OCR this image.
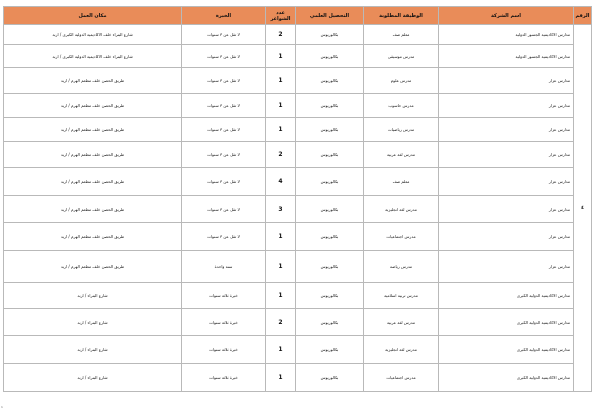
الرقم	اسم الشركة	الوظيفة المطلوبة	التحصيل العلمي	عدد الشواغر	الخبرة	مكان العمل
٤	مدارس الاكاديمية الجسور الدولية	معلم صف	بكالوريوس	2	لا تقل عن ٣ سنوات	شارع البتراء خلف الاكاديمية الدولية الكبرى / اربد
	مدارس الاكاديمية الجسور الدولية	مدرس موسيقى	بكالوريوس	1	لا تقل عن ٣ سنوات	شارع البتراء خلف الاكاديمية الدولية الكبرى / اربد
	مدارس عزار	مدرس علوم	بكالوريوس	1	لا تقل عن ٣ سنوات	طريق الحصن خلف مطعم الهرم / اربد
	مدارس عزار	مدرس حاسوب	بكالوريوس	1	لا تقل عن ٣ سنوات	طريق الحصن خلف مطعم الهرم / اربد
	مدارس عزار	مدرس رياضيات	بكالوريوس	1	لا تقل عن ٣ سنوات	طريق الحصن خلف مطعم الهرم / اربد
	مدارس عزار	مدرس لغة عربية	بكالوريوس	2	لا تقل عن ٣ سنوات	طريق الحصن خلف مطعم الهرم / اربد
	مدارس عزار	معلم صف	بكالوريوس	4	لا تقل عن ٣ سنوات	طريق الحصن خلف مطعم الهرم / اربد
	مدارس عزار	مدرس لغة انجليزية	بكالوريوس	3	لا تقل عن ٣ سنوات	طريق الحصن خلف مطعم الهرم / اربد
	مدارس عزار	مدرس اجتماعيات	بكالوريوس	1	لا تقل عن ٣ سنوات	طريق الحصن خلف مطعم الهرم / اربد
	مدارس عزار	مدرس رياضة	بكالوريوس	1	سنة واحدة	طريق الحصن خلف مطعم الهرم / اربد
	مدارس الاكاديمية الدولية الكبرى	مدرس تربية اسلامية	بكالوريوس	1	خبرة ثلاثة سنوات	شارع البتراء / اربد
	مدارس الاكاديمية الدولية الكبرى	مدرس لغة عربية	بكالوريوس	2	خبرة ثلاثة سنوات	شارع البتراء / اربد
	مدارس الاكاديمية الدولية الكبرى	مدرس لغة انجليزية	بكالوريوس	1	خبرة ثلاثة سنوات	شارع البتراء / اربد
	مدارس الاكاديمية الدولية الكبرى	مدرس اجتماعيات	بكالوريوس	1	خبرة ثلاثة سنوات	شارع البتراء / اربد
1
